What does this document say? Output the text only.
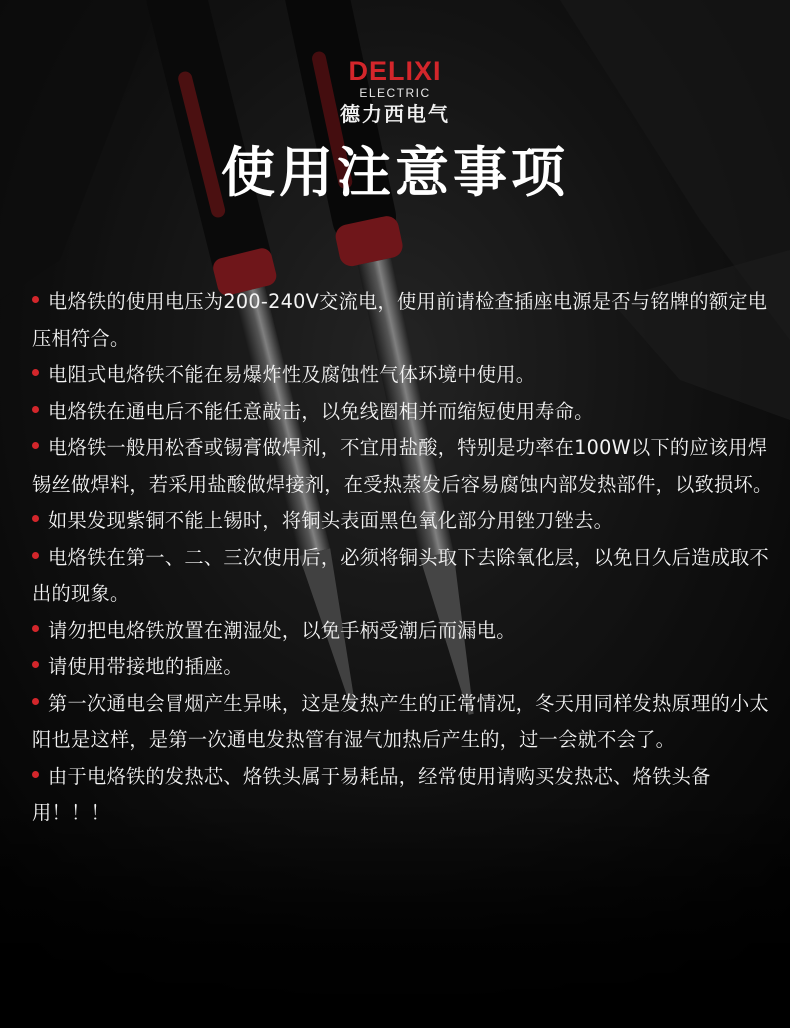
DELIXI
ELECTRIC
德力西电气
使用注意事项
电烙铁的使用电压为200-240V交流电，使用前请检查插座电源是否与铭牌的额定电压相符合。
电阻式电烙铁不能在易爆炸性及腐蚀性气体环境中使用。
电烙铁在通电后不能任意敲击，以免线圈相并而缩短使用寿命。
电烙铁一般用松香或锡膏做焊剂，不宜用盐酸，特别是功率在100W以下的应该用焊锡丝做焊料，若采用盐酸做焊接剂，在受热蒸发后容易腐蚀内部发热部件，以致损坏。
如果发现紫铜不能上锡时，将铜头表面黑色氧化部分用锉刀锉去。
电烙铁在第一、二、三次使用后，必须将铜头取下去除氧化层，以免日久后造成取不出的现象。
请勿把电烙铁放置在潮湿处，以免手柄受潮后而漏电。
请使用带接地的插座。
第一次通电会冒烟产生异味，这是发热产生的正常情况，冬天用同样发热原理的小太阳也是这样，是第一次通电发热管有湿气加热后产生的，过一会就不会了。
由于电烙铁的发热芯、烙铁头属于易耗品，经常使用请购买发热芯、烙铁头备用！！！
